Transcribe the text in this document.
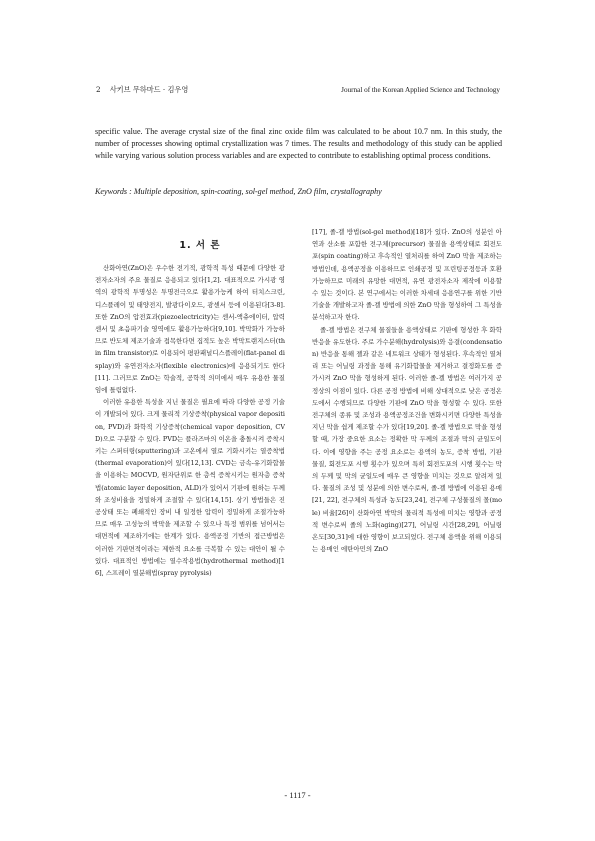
2 사키브 무하마드 · 김우영	Journal of the Korean Applied Science and Technology

specific value. The average crystal size of the final zinc oxide film was calculated to be about 10.7 nm. In this study, the number of processes showing optimal crystallization was 7 times. The results and methodology of this study can be applied while varying various solution process variables and are expected to contribute to establishing optimal process conditions.

Keywords : Multiple deposition, spin-coating, sol-gel method, ZnO film, crystallography

1. 서 론

산화아연(ZnO)은 우수한 전기적, 광학적 특성 때문에 다양한 광전자소자의 주요 물질로 응용되고 있다[1,2]. 대표적으로 가시광 영역의 광학적 투명성은 투명전극으로 활용가능케 하여 터치스크린, 디스플레이 및 태양전지, 발광다이오드, 광센서 등에 이용된다[3-8]. 또한 ZnO의 압전효과(piezoelectricity)는 센서-액츄에이터, 압력센서 및 초음파기술 영역에도 활용가능하다[9,10]. 박막화가 가능하므로 반도체 제조기술과 접목한다면 집적도 높은 박막트랜지스터(thin film transistor)로 이용되어 평판패널디스플레이(flat-panel display)와 유연전자소자(flexible electronics)에 응용되기도 한다[11]. 그러므로 ZnO는 학술적, 공학적 의미에서 매우 유용한 물질임에 틀림없다.

이러한 유용한 특성을 지닌 물질은 필요에 따라 다양한 공정 기술이 개발되어 있다. 크게 물리적 기상증착(physical vapor deposition, PVD)과 화학적 기상증착(chemical vapor deposition, CVD)으로 구분할 수 있다. PVD는 플라즈마의 이온을 충돌시켜 증착시키는 스퍼터링(sputtering)과 고온에서 열로 기화시키는 열증착법(thermal evaporation)이 있다[12,13]. CVD는 금속-유기화합물을 이용하는 MOCVD, 원자단위로 한 층씩 증착시키는 원자층 증착법(atomic layer deposition, ALD)가 있어서 기판에 원하는 두께와 조성비율을 정밀하게 조절할 수 있다[14,15]. 상기 방법들은 진공상태 또는 폐쇄적인 장비 내 일정한 압력이 정밀하게 조절가능하므로 매우 고성능의 박막을 제조할 수 있으나 특정 범위를 넘어서는 대면적에 제조하기에는 한계가 있다. 용액공정 기반의 접근방법은 이러한 기판면적이라는 제한적 요소를 극복할 수 있는 대안이 될 수 있다. 대표적인 방법에는 열수작용법(hydrothermal method)[16], 스프레이 열분해법(spray pyrolysis)

[17], 졸-겔 방법(sol-gel method)[18]가 있다. ZnO의 성분인 아연과 산소를 포함한 전구체(precursor) 물질을 용액상태로 회전도포(spin coating)하고 후속적인 열처리를 하여 ZnO 막을 제조하는 방법인데, 용액공정을 이용하므로 인쇄공정 및 프린팅공정등과 호환가능하므로 미래의 유망한 대면적, 유연 광전자소자 제작에 이용할 수 있는 것이다. 본 연구에서는 이러한 차세대 응용연구를 위한 기반기술을 개발하고자 졸-겔 방법에 의한 ZnO 막을 형성하여 그 특성을 분석하고자 한다.

졸-겔 방법은 전구체 물질들을 용액상태로 기판에 형성한 후 화학반응을 유도한다. 주로 가수분해(hydrolysis)와 응결(condensation) 반응을 통해 젤과 같은 네트워크 상태가 형성된다. 후속적인 열처리 또는 어닐링 과정을 통해 유기화합물을 제거하고 결정화도를 증가시켜 ZnO 막을 형성하게 된다. 이러한 졸-겔 방법은 여러가지 공정상의 이점이 있다. 다른 공정 방법에 비해 상대적으로 낮은 공정온도에서 수행되므로 다양한 기판에 ZnO 막을 형성할 수 있다. 또한 전구체의 종류 및 조성과 용액공정조건을 변화시키면 다양한 특성을 지닌 막을 쉽게 제조할 수가 있다[19,20]. 졸-겔 방법으로 막을 형성할 때, 가장 중요한 요소는 정확한 막 두께의 조절과 막의 균일도이다. 이에 영향을 주는 공정 요소로는 용액의 농도, 증착 방법, 기판 물질, 회전도포 시행 횟수가 있으며 특히 회전도포의 시행 횟수는 막의 두께 및 막의 균일도에 매우 큰 영향을 미치는 것으로 알려져 있다. 물질의 조성 및 성분에 의한 변수로써, 졸-겔 방법에 이용된 용매[21, 22], 전구체의 특성과 농도[23,24], 전구체 구성물질의 몰(mole) 비율[26]이 산화아연 박막의 물리적 특성에 미치는 영향과 공정적 변수로써 졸의 노화(aging)[27], 어닐링 시간[28,29], 어닐링 온도[30,31]에 대한 영향이 보고되었다. 전구체 용액을 위해 이용되는 용매인 에탄아민의 ZnO

- 1117 -
